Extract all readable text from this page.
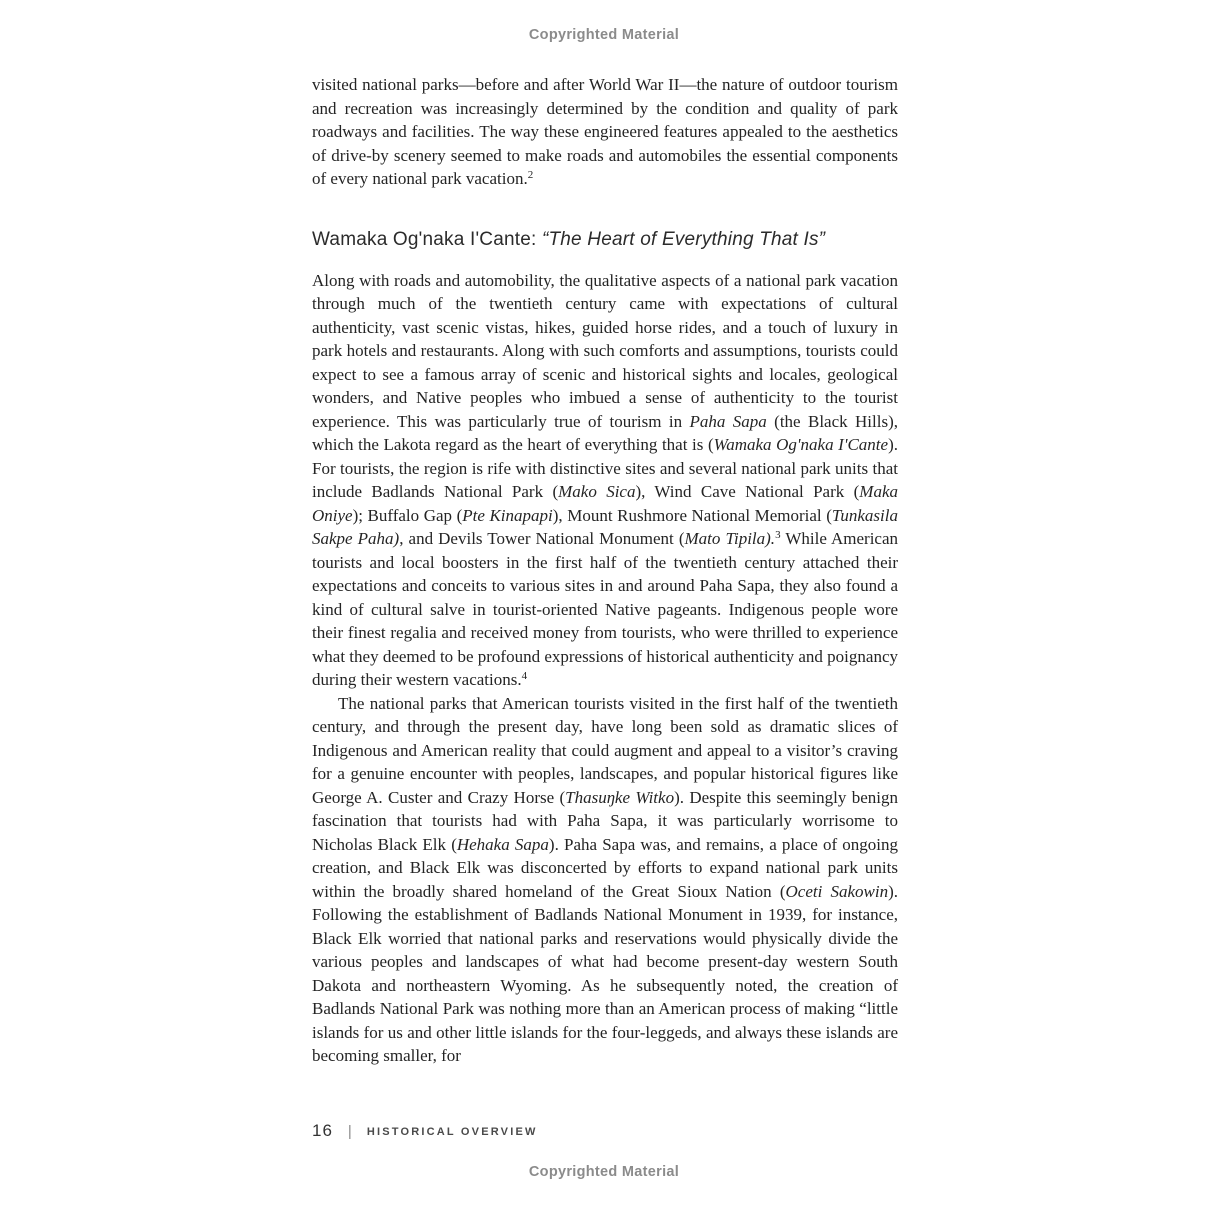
Copyrighted Material

visited national parks—before and after World War II—the nature of outdoor tourism and recreation was increasingly determined by the condition and quality of park roadways and facilities. The way these engineered features appealed to the aesthetics of drive-by scenery seemed to make roads and automobiles the essential components of every national park vacation.$^2$

Wamaka Og'naka I'Cante: “The Heart of Everything That Is”

Along with roads and automobility, the qualitative aspects of a national park vacation through much of the twentieth century came with expectations of cultural authenticity, vast scenic vistas, hikes, guided horse rides, and a touch of luxury in park hotels and restaurants. Along with such comforts and assumptions, tourists could expect to see a famous array of scenic and historical sights and locales, geological wonders, and Native peoples who imbued a sense of authenticity to the tourist experience. This was particularly true of tourism in Paha Sapa (the Black Hills), which the Lakota regard as the heart of everything that is (Wamaka Og'naka I'Cante). For tourists, the region is rife with distinctive sites and several national park units that include Badlands National Park (Mako Sica), Wind Cave National Park (Maka Oniye); Buffalo Gap (Pte Kinapapi), Mount Rushmore National Memorial (Tunkasila Sakpe Paha), and Devils Tower National Monument (Mato Tipila).$^3$ While American tourists and local boosters in the first half of the twentieth century attached their expectations and conceits to various sites in and around Paha Sapa, they also found a kind of cultural salve in tourist-oriented Native pageants. Indigenous people wore their finest regalia and received money from tourists, who were thrilled to experience what they deemed to be profound expressions of historical authenticity and poignancy during their western vacations.$^4$

The national parks that American tourists visited in the first half of the twentieth century, and through the present day, have long been sold as dramatic slices of Indigenous and American reality that could augment and appeal to a visitor’s craving for a genuine encounter with peoples, landscapes, and popular historical figures like George A. Custer and Crazy Horse (Thasuŋke Witko). Despite this seemingly benign fascination that tourists had with Paha Sapa, it was particularly worrisome to Nicholas Black Elk (Hehaka Sapa). Paha Sapa was, and remains, a place of ongoing creation, and Black Elk was disconcerted by efforts to expand national park units within the broadly shared homeland of the Great Sioux Nation (Oceti Sakowin). Following the establishment of Badlands National Monument in 1939, for instance, Black Elk worried that national parks and reservations would physically divide the various peoples and landscapes of what had become present-day western South Dakota and northeastern Wyoming. As he subsequently noted, the creation of Badlands National Park was nothing more than an American process of making “little islands for us and other little islands for the four-leggeds, and always these islands are becoming smaller, for

16 | HISTORICAL OVERVIEW
Copyrighted Material
